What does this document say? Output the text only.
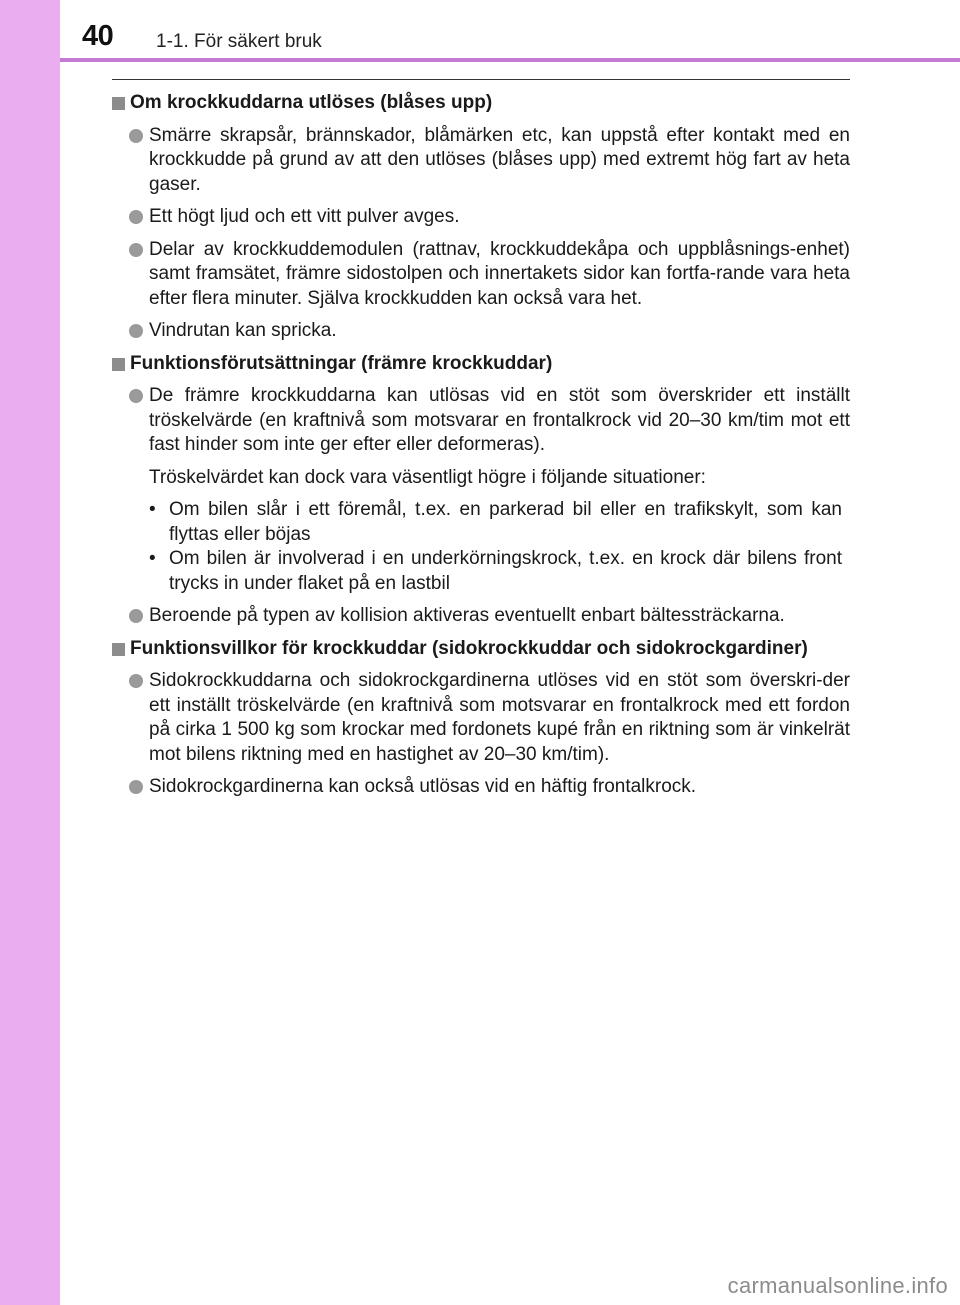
40 1-1. För säkert bruk
Om krockkuddarna utlöses (blåses upp)
Smärre skrapsår, brännskador, blåmärken etc, kan uppstå efter kontakt med en krockkudde på grund av att den utlöses (blåses upp) med extremt hög fart av heta gaser.
Ett högt ljud och ett vitt pulver avges.
Delar av krockkuddemodulen (rattnav, krockkuddekåpa och uppblåsnings-enhet) samt framsätet, främre sidostolpen och innertakets sidor kan fortfa-rande vara heta efter flera minuter. Själva krockkudden kan också vara het.
Vindrutan kan spricka.
Funktionsförutsättningar (främre krockkuddar)
De främre krockkuddarna kan utlösas vid en stöt som överskrider ett inställt tröskelvärde (en kraftnivå som motsvarar en frontalkrock vid 20–30 km/tim mot ett fast hinder som inte ger efter eller deformeras).
Tröskelvärdet kan dock vara väsentligt högre i följande situationer:
• Om bilen slår i ett föremål, t.ex. en parkerad bil eller en trafikskylt, som kan flyttas eller böjas
• Om bilen är involverad i en underkörningskrock, t.ex. en krock där bilens front trycks in under flaket på en lastbil
Beroende på typen av kollision aktiveras eventuellt enbart bältessträckarna.
Funktionsvillkor för krockkuddar (sidokrockkuddar och sidokrockgardiner)
Sidokrockkuddarna och sidokrockgardinerna utlöses vid en stöt som överskri-der ett inställt tröskelvärde (en kraftnivå som motsvarar en frontalkrock med ett fordon på cirka 1 500 kg som krockar med fordonets kupé från en riktning som är vinkelrät mot bilens riktning med en hastighet av 20–30 km/tim).
Sidokrockgardinerna kan också utlösas vid en häftig frontalkrock.
carmanualsonline.info
